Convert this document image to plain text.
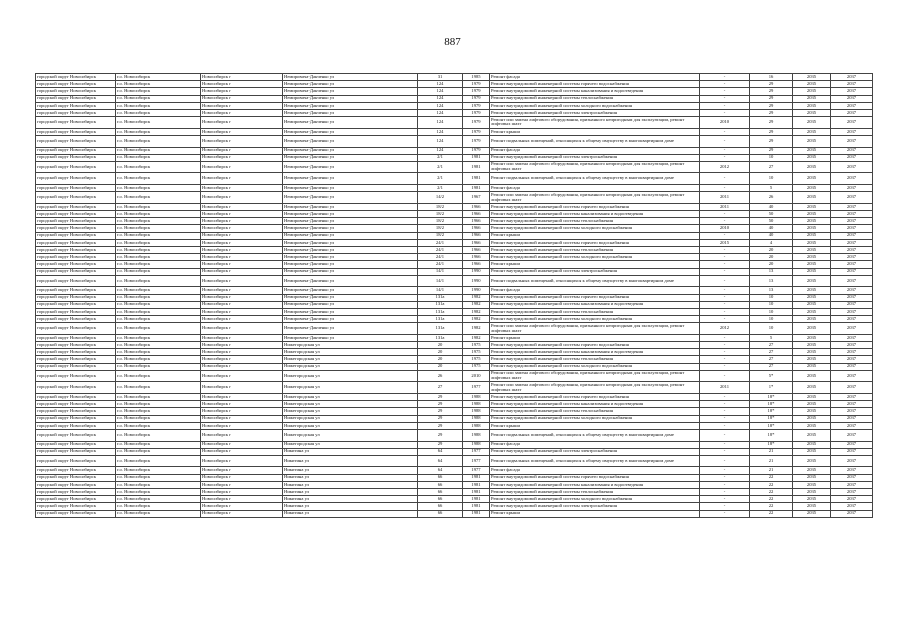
887
городской округ Новосибирск	г.о. Новосибирск	Новосибирск г	Немировича-Данченко ул	31	1985	Ремонт фасада	-	16	2035	2037
городской округ Новосибирск	г.о. Новосибирск	Новосибирск г	Немировича-Данченко ул	124	1979	Ремонт внутридомовой инженерной системы горячего водоснабжения	-	29	2035	2037
городской округ Новосибирск	г.о. Новосибирск	Новосибирск г	Немировича-Данченко ул	124	1979	Ремонт внутридомовой инженерной системы канализования и водоотведения	-	29	2035	2037
городской округ Новосибирск	г.о. Новосибирск	Новосибирск г	Немировича-Данченко ул	124	1979	Ремонт внутридомовой инженерной системы теплоснабжения	-	29	2035	2037
городской округ Новосибирск	г.о. Новосибирск	Новосибирск г	Немировича-Данченко ул	124	1979	Ремонт внутридомовой инженерной системы холодного водоснабжения	-	29	2035	2037
городской округ Новосибирск	г.о. Новосибирск	Новосибирск г	Немировича-Данченко ул	124	1979	Ремонт внутридомовой инженерной системы электроснабжения	-	29	2035	2037
городской округ Новосибирск	г.о. Новосибирск	Новосибирск г	Немировича-Данченко ул	124	1979	Ремонт или замена лифтового оборудования, признанного непригодным для эксплуатации, ремонт лифтовых шахт	2010	29	2035	2037
городской округ Новосибирск	г.о. Новосибирск	Новосибирск г	Немировича-Данченко ул	124	1979	Ремонт крыши	-	29	2035	2037
городской округ Новосибирск	г.о. Новосибирск	Новосибирск г	Немировича-Данченко ул	124	1979	Ремонт подвальных помещений, относящихся к общему имуществу в многоквартирном доме	-	29	2035	2037
городской округ Новосибирск	г.о. Новосибирск	Новосибирск г	Немировича-Данченко ул	124	1979	Ремонт фасада	-	29	2035	2037
городской округ Новосибирск	г.о. Новосибирск	Новосибирск г	Немировича-Данченко ул	2/1	1981	Ремонт внутридомовой инженерной системы электроснабжения	-	10	2035	2037
городской округ Новосибирск	г.о. Новосибирск	Новосибирск г	Немировича-Данченко ул	2/1	1981	Ремонт или замена лифтового оборудования, признанного непригодным для эксплуатации, ремонт лифтовых шахт	2012	27	2035	2037
городской округ Новосибирск	г.о. Новосибирск	Новосибирск г	Немировича-Данченко ул	2/1	1981	Ремонт подвальных помещений, относящихся к общему имуществу в многоквартирном доме	-	10	2035	2037
городской округ Новосибирск	г.о. Новосибирск	Новосибирск г	Немировича-Данченко ул	2/1	1981	Ремонт фасада	-	5	2035	2037
городской округ Новосибирск	г.о. Новосибирск	Новосибирск г	Немировича-Данченко ул	14/2	1967	Ремонт или замена лифтового оборудования, признанного непригодным для эксплуатации, ремонт лифтовых шахт	2011	26	2035	2037
городской округ Новосибирск	г.о. Новосибирск	Новосибирск г	Немировича-Данченко ул	18/2	1966	Ремонт внутридомовой инженерной системы горячего водоснабжения	2011	40	2035	2037
городской округ Новосибирск	г.о. Новосибирск	Новосибирск г	Немировича-Данченко ул	18/2	1966	Ремонт внутридомовой инженерной системы канализования и водоотведения	-	50	2035	2037
городской округ Новосибирск	г.о. Новосибирск	Новосибирск г	Немировича-Данченко ул	18/2	1966	Ремонт внутридомовой инженерной системы теплоснабжения	-	50	2035	2037
городской округ Новосибирск	г.о. Новосибирск	Новосибирск г	Немировича-Данченко ул	18/2	1966	Ремонт внутридомовой инженерной системы холодного водоснабжения	2010	40	2035	2037
городской округ Новосибирск	г.о. Новосибирск	Новосибирск г	Немировича-Данченко ул	18/2	1966	Ремонт крыши	-	40	2035	2037
городской округ Новосибирск	г.о. Новосибирск	Новосибирск г	Немировича-Данченко ул	24/1	1966	Ремонт внутридомовой инженерной системы горячего водоснабжения	2015	4	2035	2037
городской округ Новосибирск	г.о. Новосибирск	Новосибирск г	Немировича-Данченко ул	24/1	1966	Ремонт внутридомовой инженерной системы теплоснабжения	-	20	2035	2037
городской округ Новосибирск	г.о. Новосибирск	Новосибирск г	Немировича-Данченко ул	24/1	1966	Ремонт внутридомовой инженерной системы холодного водоснабжения	-	20	2035	2037
городской округ Новосибирск	г.о. Новосибирск	Новосибирск г	Немировича-Данченко ул	24/1	1966	Ремонт крыши	-	20	2035	2037
городской округ Новосибирск	г.о. Новосибирск	Новосибирск г	Немировича-Данченко ул	14/1	1990	Ремонт внутридомовой инженерной системы электроснабжения	-	13	2035	2037
городской округ Новосибирск	г.о. Новосибирск	Новосибирск г	Немировича-Данченко ул	14/1	1990	Ремонт подвальных помещений, относящихся к общему имуществу в многоквартирном доме	-	13	2035	2037
городской округ Новосибирск	г.о. Новосибирск	Новосибирск г	Немировича-Данченко ул	14/1	1990	Ремонт фасада	-	13	2035	2037
городской округ Новосибирск	г.о. Новосибирск	Новосибирск г	Немировича-Данченко ул	131а	1982	Ремонт внутридомовой инженерной системы горячего водоснабжения	-	10	2035	2037
городской округ Новосибирск	г.о. Новосибирск	Новосибирск г	Немировича-Данченко ул	131а	1982	Ремонт внутридомовой инженерной системы канализования и водоотведения	-	10	2035	2037
городской округ Новосибирск	г.о. Новосибирск	Новосибирск г	Немировича-Данченко ул	131а	1982	Ремонт внутридомовой инженерной системы теплоснабжения	-	10	2035	2037
городской округ Новосибирск	г.о. Новосибирск	Новосибирск г	Немировича-Данченко ул	131а	1982	Ремонт внутридомовой инженерной системы холодного водоснабжения	-	10	2035	2037
городской округ Новосибирск	г.о. Новосибирск	Новосибирск г	Немировича-Данченко ул	131а	1982	Ремонт или замена лифтового оборудования, признанного непригодным для эксплуатации, ремонт лифтовых шахт	2012	10	2035	2037
городской округ Новосибирск	г.о. Новосибирск	Новосибирск г	Немировича-Данченко ул	131а	1982	Ремонт крыши	-	5	2035	2037
городской округ Новосибирск	г.о. Новосибирск	Новосибирск г	Нижегородская ул	20	1975	Ремонт внутридомовой инженерной системы горячего водоснабжения	-	27	2035	2037
городской округ Новосибирск	г.о. Новосибирск	Новосибирск г	Нижегородская ул	20	1975	Ремонт внутридомовой инженерной системы канализования и водоотведения	-	27	2035	2037
городской округ Новосибирск	г.о. Новосибирск	Новосибирск г	Нижегородская ул	20	1975	Ремонт внутридомовой инженерной системы теплоснабжения	-	27	2035	2037
городской округ Новосибирск	г.о. Новосибирск	Новосибирск г	Нижегородская ул	20	1975	Ремонт внутридомовой инженерной системы холодного водоснабжения	-	27	2035	2037
городской округ Новосибирск	г.о. Новосибирск	Новосибирск г	Нижегородская ул	26	2010	Ремонт или замена лифтового оборудования, признанного непригодным для эксплуатации, ремонт лифтовых шахт	-	5*	2035	2037
городской округ Новосибирск	г.о. Новосибирск	Новосибирск г	Нижегородская ул	27	1977	Ремонт или замена лифтового оборудования, признанного непригодным для эксплуатации, ремонт лифтовых шахт	2011	1*	2035	2037
городской округ Новосибирск	г.о. Новосибирск	Новосибирск г	Нижегородская ул	29	1988	Ремонт внутридомовой инженерной системы горячего водоснабжения	-	18*	2035	2037
городской округ Новосибирск	г.о. Новосибирск	Новосибирск г	Нижегородская ул	29	1988	Ремонт внутридомовой инженерной системы канализования и водоотведения	-	18*	2035	2037
городской округ Новосибирск	г.о. Новосибирск	Новосибирск г	Нижегородская ул	29	1988	Ремонт внутридомовой инженерной системы теплоснабжения	-	18*	2035	2037
городской округ Новосибирск	г.о. Новосибирск	Новосибирск г	Нижегородская ул	29	1988	Ремонт внутридомовой инженерной системы холодного водоснабжения	-	18*	2035	2037
городской округ Новосибирск	г.о. Новосибирск	Новосибирск г	Нижегородская ул	29	1988	Ремонт крыши	-	18*	2035	2037
городской округ Новосибирск	г.о. Новосибирск	Новосибирск г	Нижегородская ул	29	1988	Ремонт подвальных помещений, относящихся к общему имуществу в многоквартирном доме	-	18*	2035	2037
городской округ Новосибирск	г.о. Новосибирск	Новосибирск г	Нижегородская ул	29	1988	Ремонт фасада	-	18*	2035	2037
городской округ Новосибирск	г.о. Новосибирск	Новосибирск г	Никитина ул	64	1977	Ремонт внутридомовой инженерной системы электроснабжения	-	21	2035	2037
городской округ Новосибирск	г.о. Новосибирск	Новосибирск г	Никитина ул	64	1977	Ремонт подвальных помещений, относящихся к общему имуществу в многоквартирном доме	-	21	2035	2037
городской округ Новосибирск	г.о. Новосибирск	Новосибирск г	Никитина ул	64	1977	Ремонт фасада	-	21	2035	2037
городской округ Новосибирск	г.о. Новосибирск	Новосибирск г	Никитина ул	66	1981	Ремонт внутридомовой инженерной системы горячего водоснабжения	-	22	2035	2037
городской округ Новосибирск	г.о. Новосибирск	Новосибирск г	Никитина ул	66	1981	Ремонт внутридомовой инженерной системы канализования и водоотведения	-	22	2035	2037
городской округ Новосибирск	г.о. Новосибирск	Новосибирск г	Никитина ул	66	1981	Ремонт внутридомовой инженерной системы теплоснабжения	-	22	2035	2037
городской округ Новосибирск	г.о. Новосибирск	Новосибирск г	Никитина ул	66	1981	Ремонт внутридомовой инженерной системы холодного водоснабжения	-	22	2035	2037
городской округ Новосибирск	г.о. Новосибирск	Новосибирск г	Никитина ул	66	1981	Ремонт внутридомовой инженерной системы электроснабжения	-	22	2035	2037
городской округ Новосибирск	г.о. Новосибирск	Новосибирск г	Никитина ул	66	1981	Ремонт крыши	-	22	2035	2037
